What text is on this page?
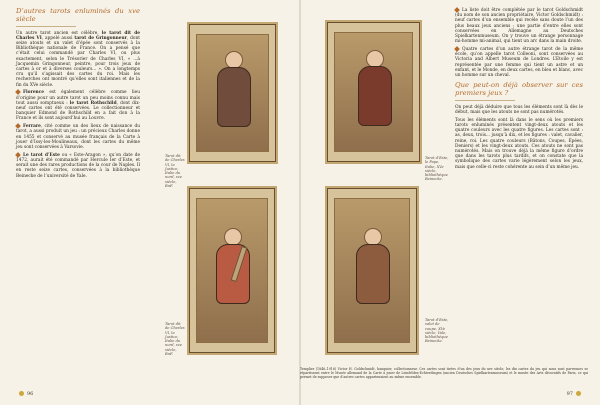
D’autres tarots enluminés du xve siècle

Un autre tarot ancien est célèbre, le tarot dit de Charles VI, appelé aussi tarot de Gringonneur, dont seize atouts et un valet d’épée sont conservés à la Bibliothèque nationale de France. On a pensé que c’était celui commandé par Charles VI, ou plus exactement, selon le Trésorier de Charles VI, « ...à Jacquemin Gringonneur, peintre, pour trois jeux de cartes à or et à diverses couleurs... ». On a longtemps cru qu’il s’agissait des cartes du roi. Mais les recherches ont montré qu’elles sont italiennes et de la fin du XVe siècle.

Florence est également célèbre comme lieu d’origine pour un autre tarot un peu moins connu mais tout aussi somptueux : le tarot Rothschild, dont dix-neuf cartes ont été conservées. Le collectionneur et banquier Edmond de Rothschild en a fait don à la France et ils sont aujourd’hui au Louvre.

Ferrare, cité comme un des lieux de naissance du tarot, a aussi produit un jeu : un précieux Charles donne en 1455 et conservé au musée français de la Carte à jouer d’Issy-les-Moulineaux, dont les cartes du même jeu sont conservées à Varsovie.

Le tarot d’Este ou « Este-Aragon », qu’on date de 1472, aurait été commandé par Hercule Ier d’Este, et serait une des rares productions de la cour de Naples. Il en reste seize cartes, conservées à la bibliothèque Beinecke de l’université de Yale.

Tarot dit de Charles VI, la Justice, Italie du nord, xve siècle, BnF.
Tarot d’Este, le Pape, Italie, XVe siècle, bibliothèque Beinecke.
Tarot dit de Charles VI, la Justice, Italie du nord, xve siècle, BnF.
Tarot d’Este, valet de coupe, XVe siècle, Yale, bibliothèque Beinecke.

La liste doit être complétée par le tarot Goldschmidt (du nom de son ancien propriétaire, Victor Goldschmidt) : neuf cartes d’un ensemble qui recèle sans doute l’un des plus beaux jeux anciens ; une partie d’entre elles sont conservées en Allemagne au Deutsches Spielkartenmuseum. On y trouve un étrange personnage mi-homme mi-animal, qui tient un arc dans la main droite.

Quatre cartes d’un autre étrange tarot de la même école, qu’on appelle tarot Colleoni, sont conservées au Victoria and Albert Museum de Londres. L’Etoile y est représentée par une femme qui tient un astre et un enfant, et le Monde, en deux cartes, en bleu et blanc, avec un homme sur un cheval.

Que peut-on déjà observer sur ces premiers jeux ?

On peut déjà déduire que tous les éléments sont là dès le début, mais que les atouts ne sont pas numérotés.

Tous les éléments sont là dans le sens où les premiers tarots enluminés présentent vingt-deux atouts et les quatre couleurs avec les quatre figures. Les cartes sont : as, deux, trois... jusqu’à dix, et les figures : valet, cavalier, reine, roi. Les quatre couleurs (Bâtons, Coupes, Épées, Deniers) et les vingt-deux atouts. Ces atouts ne sont pas numérotés. Mais on trouve déjà la même figure d’ordre que dans les tarots plus tardifs, et on constate que la symbolique des cartes varie légèrement selon les jeux, mais que celle-ci reste cohérente au sein d’un même jeu.

Templier (1846–1916) Victor H. Goldschmidt, banquier, collectionneur. Ces cartes sont tirées d’un des jeux du xve siècle, les dix cartes du jeu qui nous sont parvenues se répartissent entre le Musée allemand de la Carte à jouer de Leinfelden-Echterdingen (ancien Deutsches Spielkartenmuseum) et le musée des Arts décoratifs de Paris, ce qui permet de supposer que d’autres cartes appartenaient au même ensemble.
96	97
